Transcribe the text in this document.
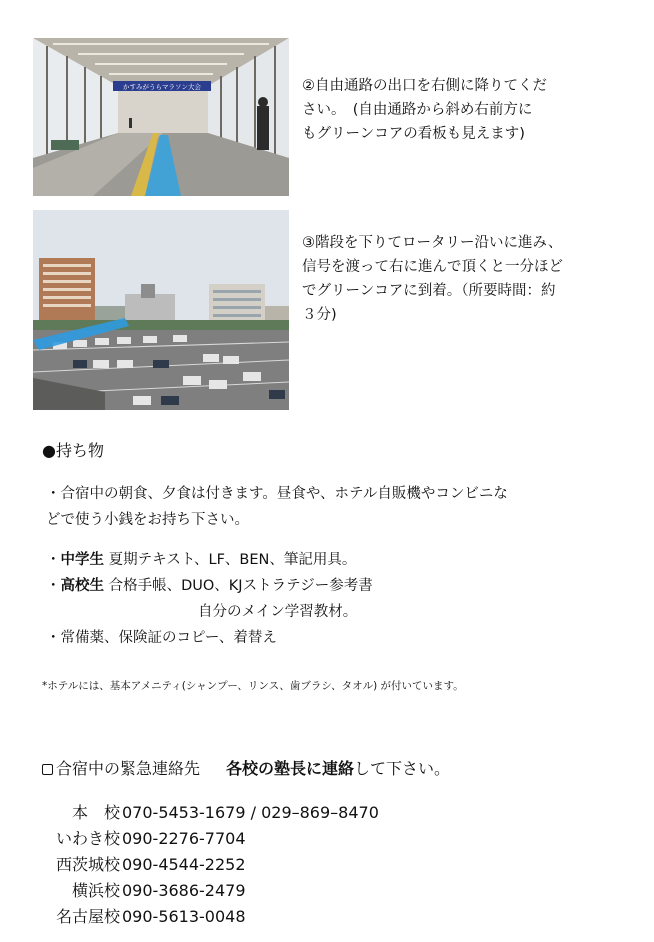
かすみがうらマラソン大会	②自由通路の出口を右側に降りてくだ
さい。　(自由通路から斜め右前方に
もグリーンコアの看板も見えます)
③階段を下りてロータリー沿いに進み、
信号を渡って右に進んで頂くと一分ほど
でグリーンコアに到着。（所要時間：約
３分)
●持ち物
・合宿中の朝食、夕食は付きます。昼食や、ホテル自販機やコンビニな
どで使う小銭をお持ち下さい。
・中学生 夏期テキスト、LF、BEN、筆記用具。
・高校生 合格手帳、DUO、KJストラテジー参考書
自分のメイン学習教材。
・常備薬、保険証のコピー、着替え
*ホテルには、基本アメニティ(シャンプー、リンス、歯ブラシ、タオル) が付いています。
合宿中の緊急連絡先 各校の塾長に連絡して下さい。
本　校 070-5453-1679 / 029–869–8470
いわき校 090-2276-7704
西茨城校 090-4544-2252
横浜校 090-3686-2479
名古屋校 090-5613-0048
